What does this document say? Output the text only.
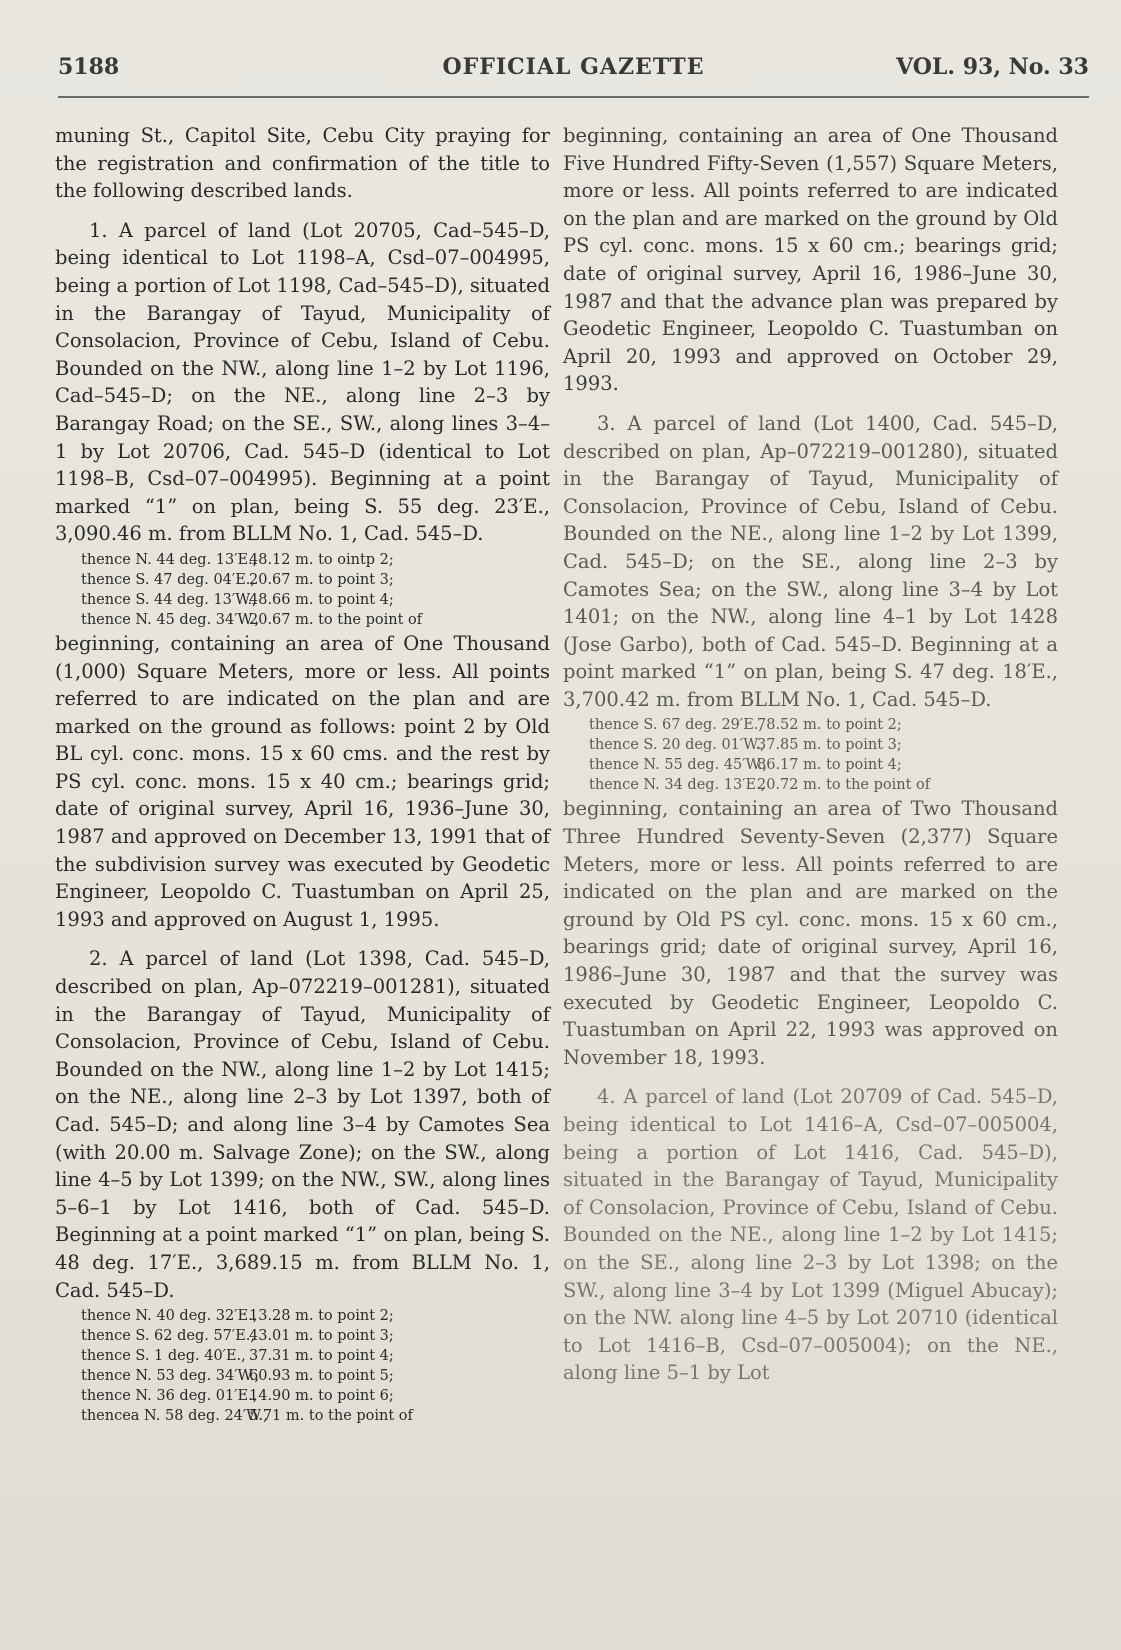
5188	OFFICIAL GAZETTE	VOL. 93, No. 33

muning St., Capitol Site, Cebu City praying for the registration and confirmation of the title to the following described lands.

1. A parcel of land (Lot 20705, Cad–545–D, being identical to Lot 1198–A, Csd–07–004995, being a portion of Lot 1198, Cad–545–D), situated in the Barangay of Tayud, Municipality of Consolacion, Province of Cebu, Island of Cebu. Bounded on the NW., along line 1–2 by Lot 1196, Cad–545–D; on the NE., along line 2–3 by Barangay Road; on the SE., SW., along lines 3–4–1 by Lot 20706, Cad. 545–D (identical to Lot 1198–B, Csd–07–004995). Beginning at a point marked “1” on plan, being S. 55 deg. 23′E., 3,090.46 m. from BLLM No. 1, Cad. 545–D.

thence N. 44 deg. 13′E.,48.12 m. to ointp 2;
thence S. 47 deg. 04′E.,20.67 m. to point 3;
thence S. 44 deg. 13′W.,48.66 m. to point 4;
thence N. 45 deg. 34′W.,20.67 m. to the point of

beginning, containing an area of One Thousand (1,000) Square Meters, more or less. All points referred to are indicated on the plan and are marked on the ground as follows: point 2 by Old BL cyl. conc. mons. 15 x 60 cms. and the rest by PS cyl. conc. mons. 15 x 40 cm.; bearings grid; date of original survey, April 16, 1936–June 30, 1987 and approved on December 13, 1991 that of the subdivision survey was executed by Geodetic Engineer, Leopoldo C. Tuastumban on April 25, 1993 and approved on August 1, 1995.

2. A parcel of land (Lot 1398, Cad. 545–D, described on plan, Ap–072219–001281), situated in the Barangay of Tayud, Municipality of Consolacion, Province of Cebu, Island of Cebu. Bounded on the NW., along line 1–2 by Lot 1415; on the NE., along line 2–3 by Lot 1397, both of Cad. 545–D; and along line 3–4 by Camotes Sea (with 20.00 m. Salvage Zone); on the SW., along line 4–5 by Lot 1399; on the NW., SW., along lines 5–6–1 by Lot 1416, both of Cad. 545–D. Beginning at a point marked “1” on plan, being S. 48 deg. 17′E., 3,689.15 m. from BLLM No. 1, Cad. 545–D.

thence N. 40 deg. 32′E.,13.28 m. to point 2;
thence S. 62 deg. 57′E.,43.01 m. to point 3;
thence S. 1 deg. 40′E., 37.31 m. to point 4;
thence N. 53 deg. 34′W.,60.93 m. to point 5;
thence N. 36 deg. 01′E.,14.90 m. to point 6;
thencea N. 58 deg. 24′W.,5.71 m. to the point of

beginning, containing an area of One Thousand Five Hundred Fifty-Seven (1,557) Square Meters, more or less. All points referred to are indicated on the plan and are marked on the ground by Old PS cyl. conc. mons. 15 x 60 cm.; bearings grid; date of original survey, April 16, 1986–June 30, 1987 and that the advance plan was prepared by Geodetic Engineer, Leopoldo C. Tuastumban on April 20, 1993 and approved on October 29, 1993.

3. A parcel of land (Lot 1400, Cad. 545–D, described on plan, Ap–072219–001280), situated in the Barangay of Tayud, Municipality of Consolacion, Province of Cebu, Island of Cebu. Bounded on the NE., along line 1–2 by Lot 1399, Cad. 545–D; on the SE., along line 2–3 by Camotes Sea; on the SW., along line 3–4 by Lot 1401; on the NW., along line 4–1 by Lot 1428 (Jose Garbo), both of Cad. 545–D. Beginning at a point marked “1” on plan, being S. 47 deg. 18′E., 3,700.42 m. from BLLM No. 1, Cad. 545–D.

thence S. 67 deg. 29′E.,78.52 m. to point 2;
thence S. 20 deg. 01′W.,37.85 m. to point 3;
thence N. 55 deg. 45′W.,86.17 m. to point 4;
thence N. 34 deg. 13′E.,20.72 m. to the point of

beginning, containing an area of Two Thousand Three Hundred Seventy-Seven (2,377) Square Meters, more or less. All points referred to are indicated on the plan and are marked on the ground by Old PS cyl. conc. mons. 15 x 60 cm., bearings grid; date of original survey, April 16, 1986–June 30, 1987 and that the survey was executed by Geodetic Engineer, Leopoldo C. Tuastumban on April 22, 1993 was approved on November 18, 1993.

4. A parcel of land (Lot 20709 of Cad. 545–D, being identical to Lot 1416–A, Csd–07–005004, being a portion of Lot 1416, Cad. 545–D), situated in the Barangay of Tayud, Municipality of Consolacion, Province of Cebu, Island of Cebu. Bounded on the NE., along line 1–2 by Lot 1415; on the SE., along line 2–3 by Lot 1398; on the SW., along line 3–4 by Lot 1399 (Miguel Abucay); on the NW. along line 4–5 by Lot 20710 (identical to Lot 1416–B, Csd–07–005004); on the NE., along line 5–1 by Lot
